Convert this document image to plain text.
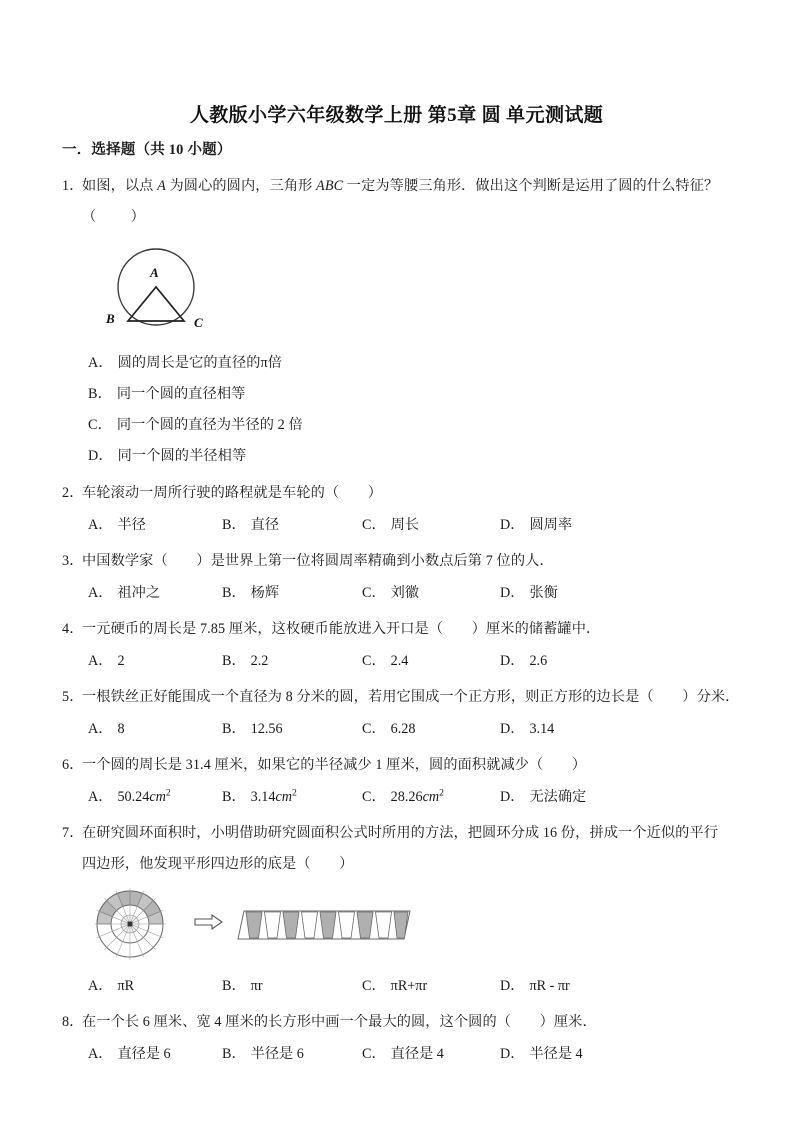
人教版小学六年级数学上册 第5章 圆 单元测试题
一．选择题（共 10 小题）
1．
如图，以点 A 为圆心的圆内，三角形 ABC 一定为等腰三角形．做出这个判断是运用了圆的什么特征？
（　　）
A
B	C
A． 圆的周长是它的直径的π倍
B． 同一个圆的直径相等
C． 同一个圆的直径为半径的 2 倍
D． 同一个圆的半径相等
2．
车轮滚动一周所行驶的路程就是车轮的（　　）
A． 半径	B． 直径	C． 周长	D． 圆周率
3．
中国数学家（　　）是世界上第一位将圆周率精确到小数点后第 7 位的人．
A． 祖冲之	B． 杨辉	C． 刘徽	D． 张衡
4．
一元硬币的周长是 7.85 厘米，这枚硬币能放进入开口是（　　）厘米的储蓄罐中．
A． 2	B． 2.2	C． 2.4	D． 2.6
5．
一根铁丝正好能围成一个直径为 8 分米的圆，若用它围成一个正方形，则正方形的边长是（　　）分米．
A． 8	B． 12.56	C． 6.28	D． 3.14
6．
一个圆的周长是 31.4 厘米，如果它的半径减少 1 厘米，圆的面积就减少（　　）
A． $50.24cm^2$	B． $3.14cm^2$	C． $28.26cm^2$	D． 无法确定
7．
在研究圆环面积时，小明借助研究圆面积公式时所用的方法，把圆环分成 16 份，拼成一个近似的平行
四边形，他发现平形四边形的底是（　　）
A． πR	B． πr	C． πR+πr	D． πR - πr
8．
在一个长 6 厘米、宽 4 厘米的长方形中画一个最大的圆，这个圆的（　　）厘米．
A． 直径是 6	B． 半径是 6	C． 直径是 4	D． 半径是 4
